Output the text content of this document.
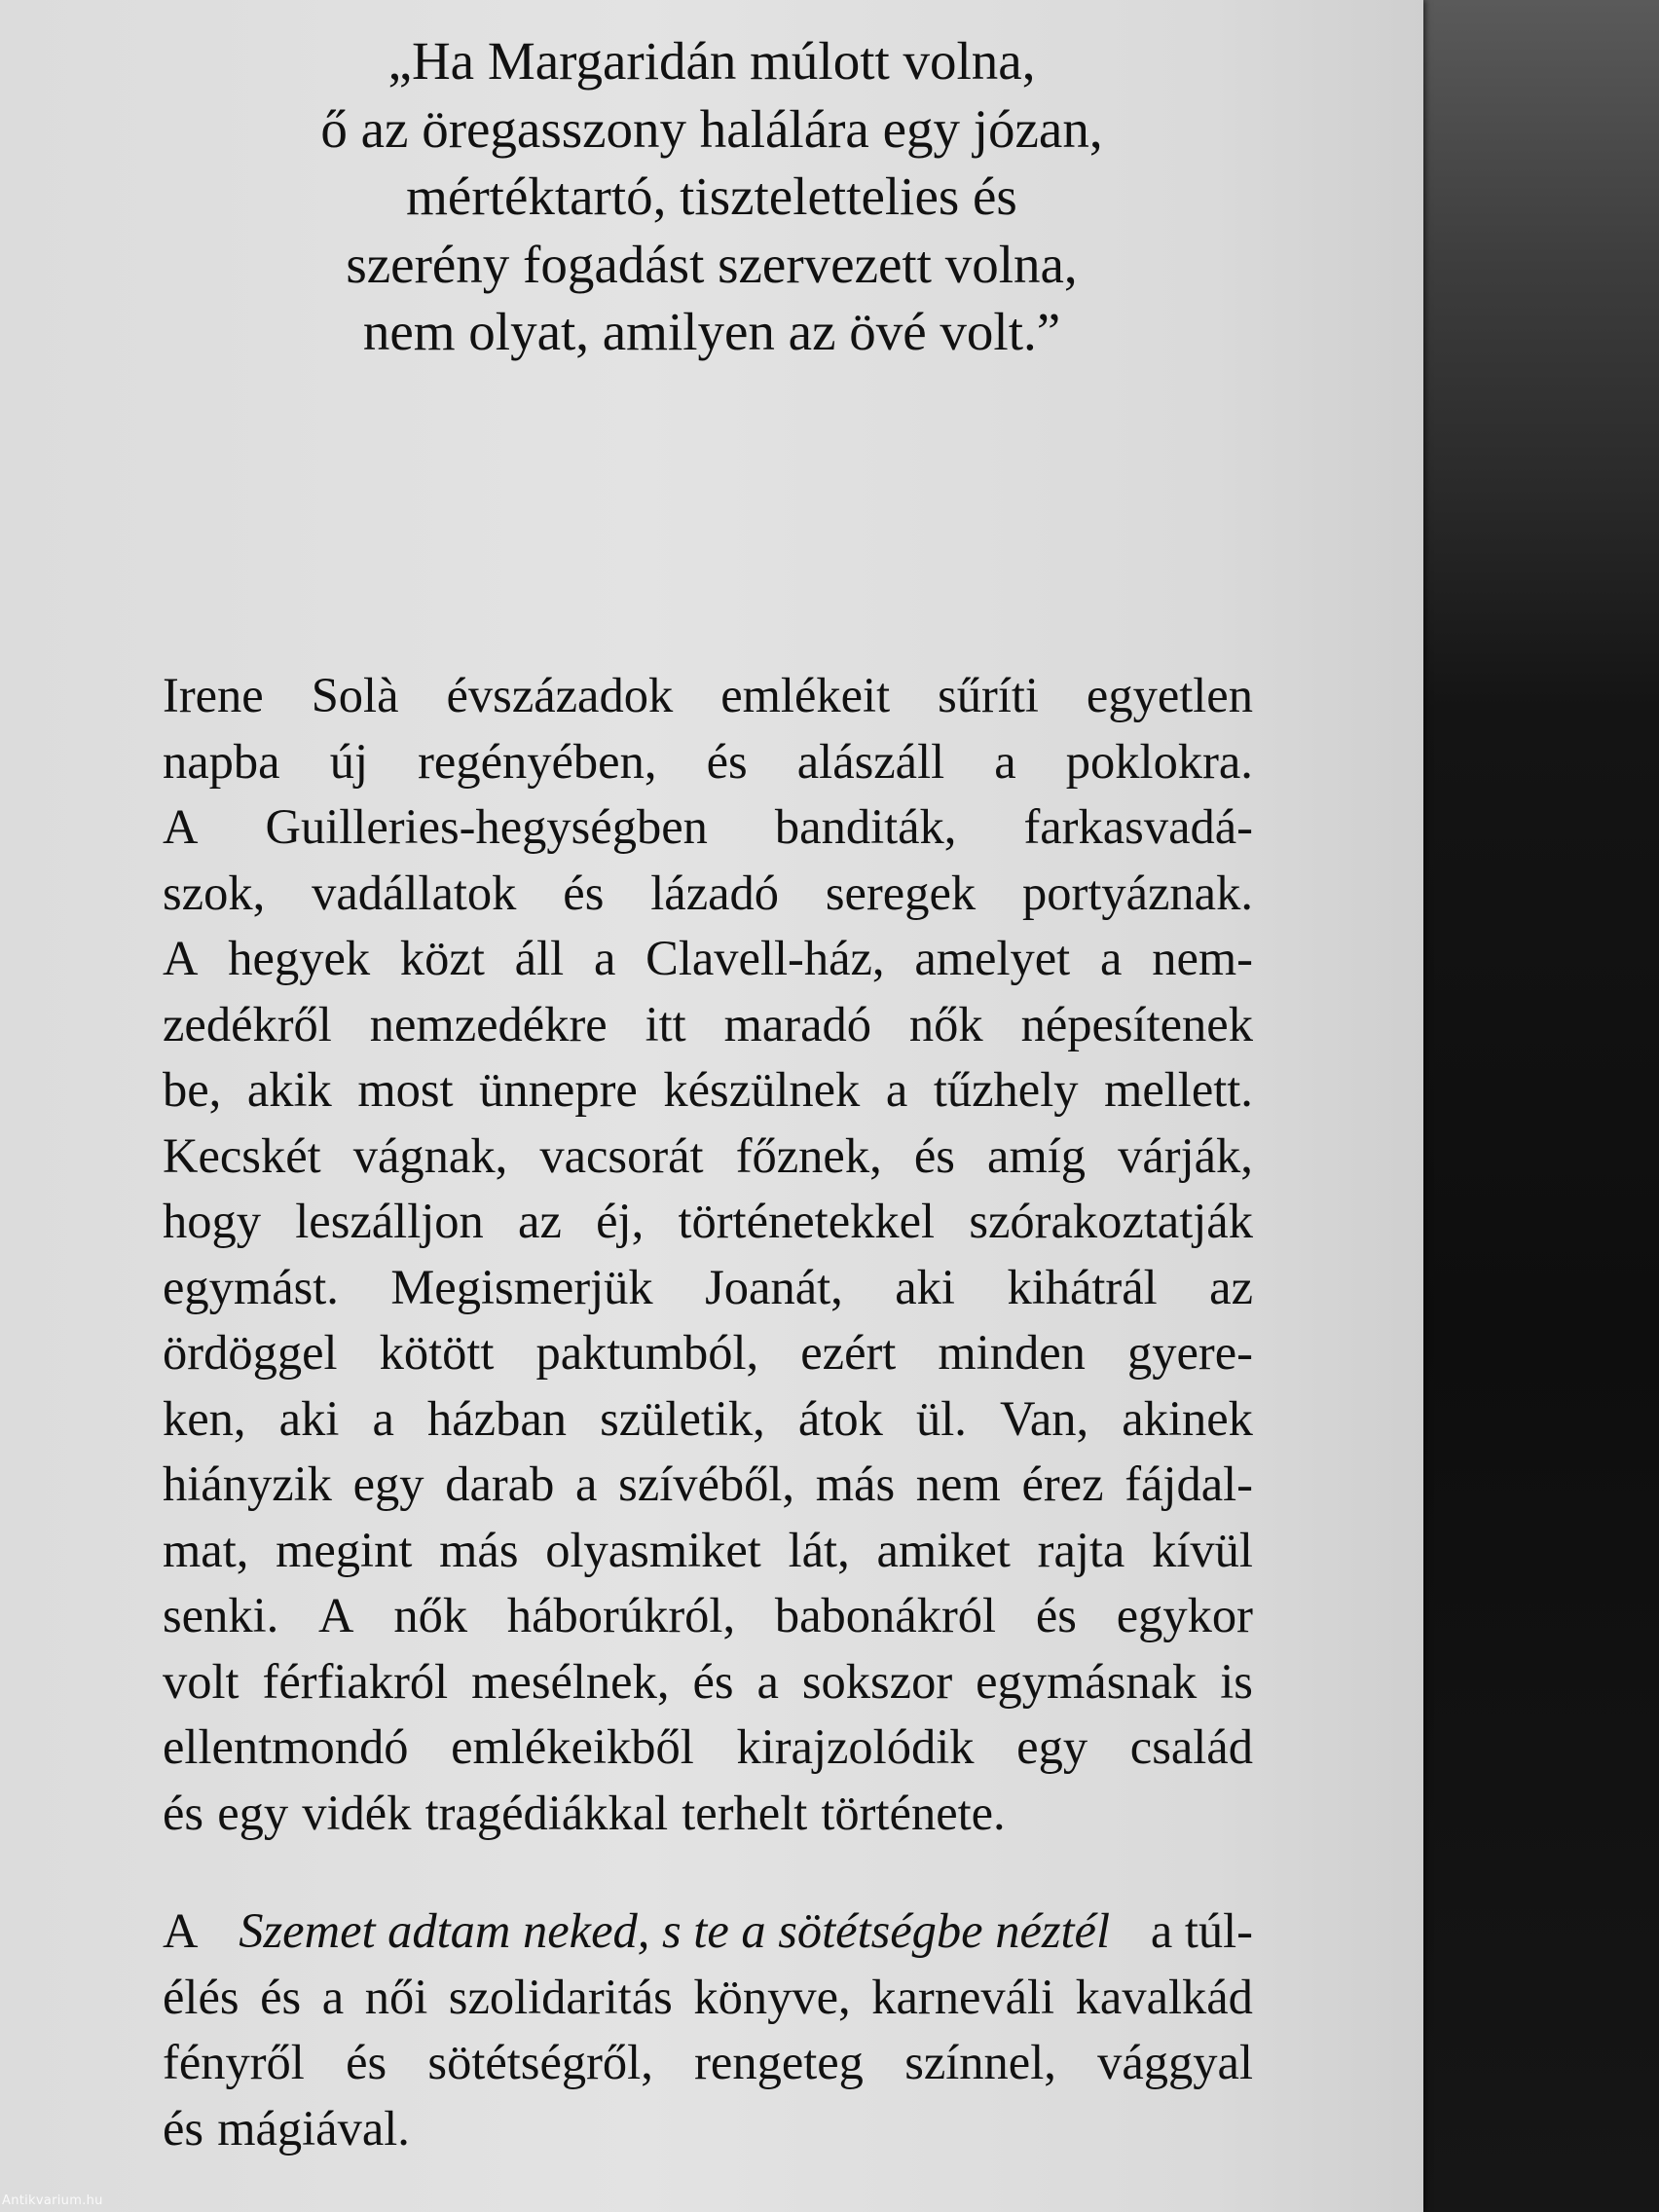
„Ha Margaridán múlott volna,
ő az öregasszony halálára egy józan,
mértéktartó, tisztelettelies és
szerény fogadást szervezett volna,
nem olyat, amilyen az övé volt.”
Irene Solà évszázadok emlékeit sűríti egyetlen
napba új regényében, és alászáll a poklokra.
A Guilleries-hegységben banditák, farkasvadá-
szok, vadállatok és lázadó seregek portyáznak.
A hegyek közt áll a Clavell-ház, amelyet a nem-
zedékről nemzedékre itt maradó nők népesítenek
be, akik most ünnepre készülnek a tűzhely mellett.
Kecskét vágnak, vacsorát főznek, és amíg várják,
hogy leszálljon az éj, történetekkel szórakoztatják
egymást. Megismerjük Joanát, aki kihátrál az
ördöggel kötött paktumból, ezért minden gyere-
ken, aki a házban születik, átok ül. Van, akinek
hiányzik egy darab a szívéből, más nem érez fájdal-
mat, megint más olyasmiket lát, amiket rajta kívül
senki. A nők háborúkról, babonákról és egykor
volt férfiakról mesélnek, és a sokszor egymásnak is
ellentmondó emlékeikből kirajzolódik egy család
és egy vidék tragédiákkal terhelt története.
A Szemet adtam neked, s te a sötétségbe néztél a túl-
élés és a női szolidaritás könyve, karneváli kavalkád
fényről és sötétségről, rengeteg színnel, vággyal
és mágiával.
Antikvarium.hu
